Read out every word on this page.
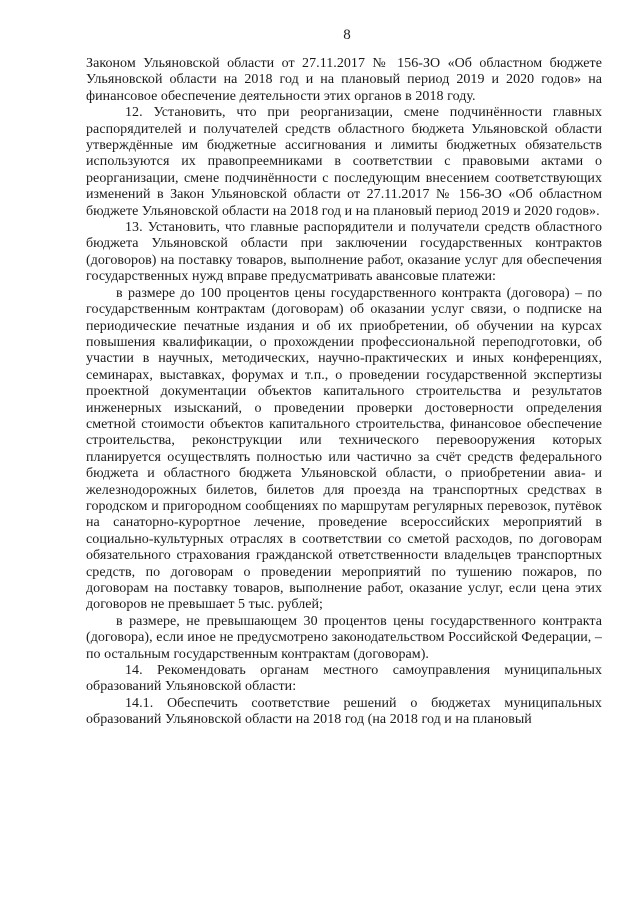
8

Законом Ульяновской области от 27.11.2017 № 156-ЗО «Об областном бюджете Ульяновской области на 2018 год и на плановый период 2019 и 2020 годов» на финансовое обеспечение деятельности этих органов в 2018 году.

12. Установить, что при реорганизации, смене подчинённости главных распорядителей и получателей средств областного бюджета Ульяновской области утверждённые им бюджетные ассигнования и лимиты бюджетных обязательств используются их правопреемниками в соответствии с правовыми актами о реорганизации, смене подчинённости с последующим внесением соответствующих изменений в Закон Ульяновской области от 27.11.2017 № 156-ЗО «Об областном бюджете Ульяновской области на 2018 год и на плановый период 2019 и 2020 годов».

13. Установить, что главные распорядители и получатели средств областного бюджета Ульяновской области при заключении государственных контрактов (договоров) на поставку товаров, выполнение работ, оказание услуг для обеспечения государственных нужд вправе предусматривать авансовые платежи:

в размере до 100 процентов цены государственного контракта (договора) – по государственным контрактам (договорам) об оказании услуг связи, о подписке на периодические печатные издания и об их приобретении, об обучении на курсах повышения квалификации, о прохождении профессиональной переподготовки, об участии в научных, методических, научно-практических и иных конференциях, семинарах, выставках, форумах и т.п., о проведении государственной экспертизы проектной документации объектов капитального строительства и результатов инженерных изысканий, о проведении проверки достоверности определения сметной стоимости объектов капитального строительства, финансовое обеспечение строительства, реконструкции или технического перевооружения которых планируется осуществлять полностью или частично за счёт средств федерального бюджета и областного бюджета Ульяновской области, о приобретении авиа- и железнодорожных билетов, билетов для проезда на транспортных средствах в городском и пригородном сообщениях по маршрутам регулярных перевозок, путёвок на санаторно-курортное лечение, проведение всероссийских мероприятий в социально-культурных отраслях в соответствии со сметой расходов, по договорам обязательного страхования гражданской ответственности владельцев транспортных средств, по договорам о проведении мероприятий по тушению пожаров, по договорам на поставку товаров, выполнение работ, оказание услуг, если цена этих договоров не превышает 5 тыс. рублей;

в размере, не превышающем 30 процентов цены государственного контракта (договора), если иное не предусмотрено законодательством Российской Федерации, – по остальным государственным контрактам (договорам).

14. Рекомендовать органам местного самоуправления муниципальных образований Ульяновской области:

14.1. Обеспечить соответствие решений о бюджетах муниципальных образований Ульяновской области на 2018 год (на 2018 год и на плановый
